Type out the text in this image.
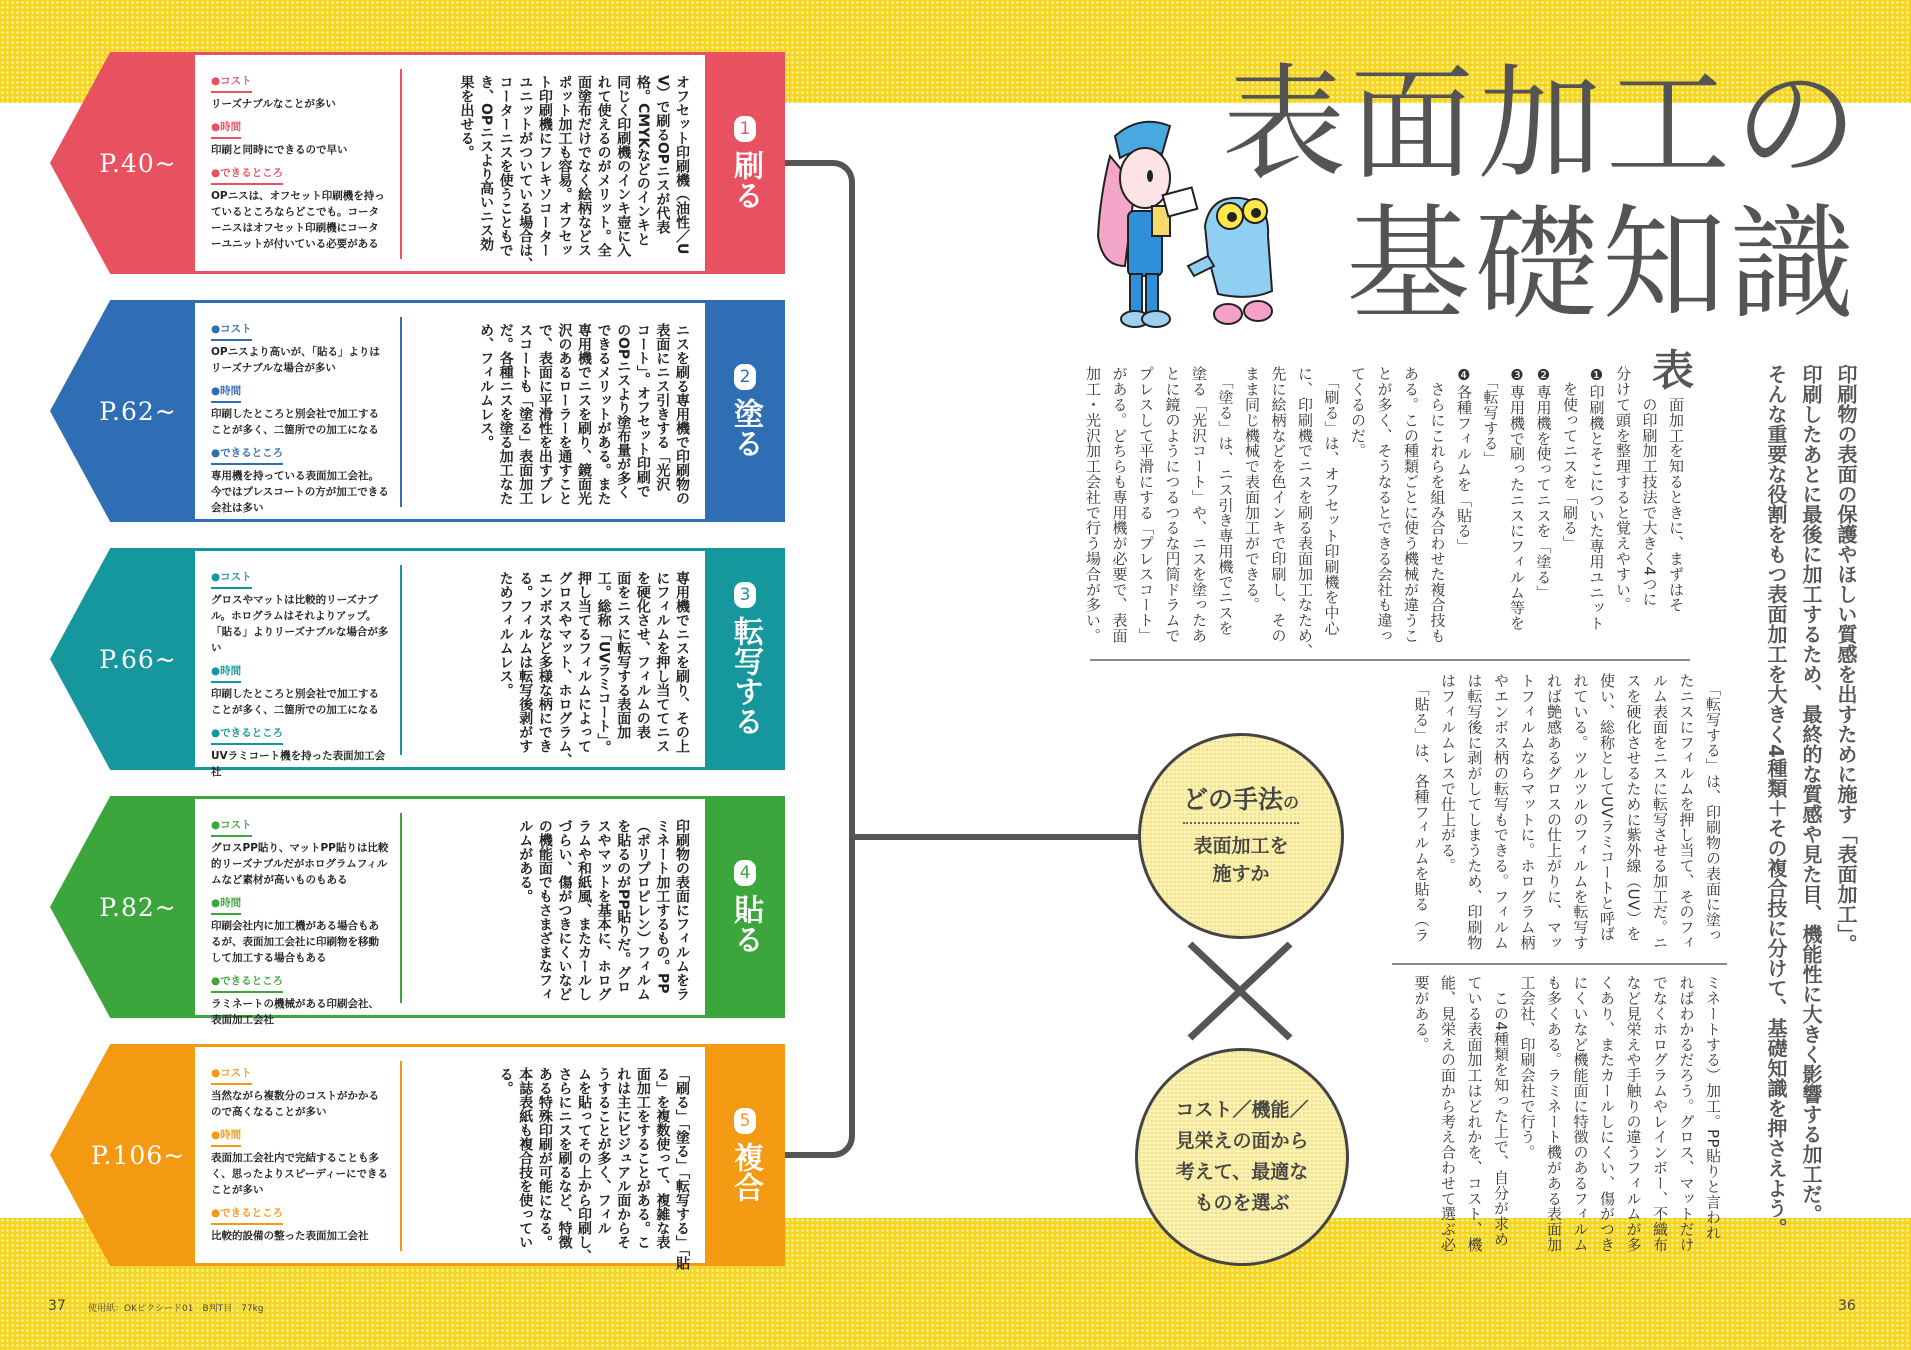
P.40~
●コスト
リーズナブルなことが多い
●時間
印刷と同時にできるので早い
●できるところ
OPニスは、オフセット印刷機を持っているところならどこでも。コーターニスはオフセット印刷機にコーターユニットが付いている必要がある	オフセット印刷機（油性／U
V）で刷るOPニスが代表
格。CMYKなどのインキと
同じく印刷機のインキ壺に入
れて使えるのがメリット。全
面塗布だけでなく絵柄などス
ポット加工も容易。オフセッ
ト印刷機にフレキソコーター
ユニットがついている場合は、
コーターニスを使うこともで
き、OPニスより高いニス効
果を出せる。	1
刷る
P.62~
●コスト
OPニスより高いが、「貼る」よりはリーズナブルな場合が多い
●時間
印刷したところと別会社で加工することが多く、二箇所での加工になる
●できるところ
専用機を持っている表面加工会社。今ではプレスコートの方が加工できる会社は多い
ニスを刷る専用機で印刷物の
表面にニス引きする「光沢
コート」。オフセット印刷で
のOPニスより塗布量が多く
できるメリットがある。また
専用機でニスを刷り、鏡面光
沢のあるローラーを通すこと
で、表面に平滑性を出すプレ
スコートも「塗る」表面加工
だ。各種ニスを塗る加工なた
め、フィルムレス。	2
塗る
P.66~
●コスト
グロスやマットは比較的リーズナブル。ホログラムはそれよりアップ。「貼る」よりリーズナブルな場合が多い
●時間
印刷したところと別会社で加工することが多く、二箇所での加工になる
●できるところ
UVラミコート機を持った表面加工会社
専用機でニスを刷り、その上
にフィルムを押し当ててニス
を硬化させ、フィルムの表
面をニスに転写する表面加
工。総称「UVラミコート」。
押し当てるフィルムによって
グロスやマット、ホログラム、
エンボスなど多様な柄にでき
る。フィルムは転写後剥がす
ためフィルムレス。	3
転写する
P.82~
●コスト
グロスPP貼り、マットPP貼りは比較的リーズナブルだがホログラムフィルムなど素材が高いものもある
●時間
印刷会社内に加工機がある場合もあるが、表面加工会社に印刷物を移動して加工する場合もある
●できるところ
ラミネートの機械がある印刷会社、表面加工会社
印刷物の表面にフィルムをラ
ミネート加工するもの。PP
（ポリプロピレン）フィルム
を貼るのがPP貼りだ。グロ
スやマットを基本に、ホログ
ラムや和紙風、またカールし
づらい、傷がつきにくいなど
の機能面でもさまざまなフィ
ルムがある。	4
貼る
P.106~
●コスト
当然ながら複数分のコストがかかるので高くなることが多い
●時間
表面加工会社内で完結することも多く、思ったよりスピーディーにできることが多い
●できるところ
比較的設備の整った表面加工会社	「刷る」「塗る」「転写する」「貼
る」を複数使って、複雑な表
面加工をすることがある。こ
れは主にビジュアル面からそ
うすることが多く、フィル
ムを貼ってその上から印刷し、
さらにニスを刷るなど、特徴
ある特殊印刷が可能になる。
本誌表紙も複合技を使ってい
る。
5
複合
表面加工の
基礎知識
印刷物の表面の保護やほしい質感を出すために施す「表面加工」。
印刷したあとに最後に加工するため、最終的な質感や見た目、機能性に大きく影響する加工だ。
そんな重要な役割をもつ表面加工を大きく4種類＋その複合技に分けて、基礎知識を押さえよう。
表
　　面加工を知るときに、まずはそ
　　の印刷加工技法で大きく4つに
分けて頭を整理すると覚えやすい。
❶印刷機とそこについた専用ユニット
　を使ってニスを「刷る」
❷専用機を使ってニスを「塗る」
❸専用機で刷ったニスにフィルム等を
　「転写する」
❹各種フィルムを「貼る」
　さらにこれらを組み合わせた複合技も
ある。この種類ごとに使う機械が違うこ
とが多く、そうなるとできる会社も違っ
てくるのだ。
　「刷る」は、オフセット印刷機を中心
に、印刷機でニスを刷る表面加工なため、
先に絵柄などを色インキで印刷し、その
まま同じ機械で表面加工ができる。
　「塗る」は、ニス引き専用機でニスを
塗る「光沢コート」や、ニスを塗ったあ
とに鏡のようにつるつるな円筒ドラムで
プレスして平滑にする「プレスコート」
がある。どちらも専用機が必要で、表面
加工・光沢加工会社で行う場合が多い。
　「転写する」は、印刷物の表面に塗っ
たニスにフィルムを押し当て、そのフィ
ルム表面をニスに転写させる加工だ。ニ
スを硬化させるために紫外線（UV）を
使い、総称としてUVラミコートと呼ば
れている。ツルツルのフィルムを転写す
れば艶感あるグロスの仕上がりに、マッ
トフィルムならマットに。ホログラム柄
やエンボス柄の転写もできる。フィルム
は転写後に剥がしてしまうため、印刷物
はフィルムレスで仕上がる。
　「貼る」は、各種フィルムを貼る（ラ
ミネートする）加工。PP貼りと言われ
ればわかるだろう。グロス、マットだけ
でなくホログラムやレインボー、不織布
など見栄えや手触りの違うフィルムが多
くあり、またカールしにくい、傷がつき
にくいなど機能面に特徴のあるフィルム
も多くある。ラミネート機がある表面加
工会社、印刷会社で行う。
　この4種類を知った上で、自分が求め
ている表面加工はどれかを、コスト、機
能、見栄えの面から考え合わせて選ぶ必
要がある。
どの手法の
表面加工を
施すか
コスト／機能／
見栄えの面から
考えて、最適な
ものを選ぶ
37 使用紙：OKピクシード01　B判T目　77kg	36
